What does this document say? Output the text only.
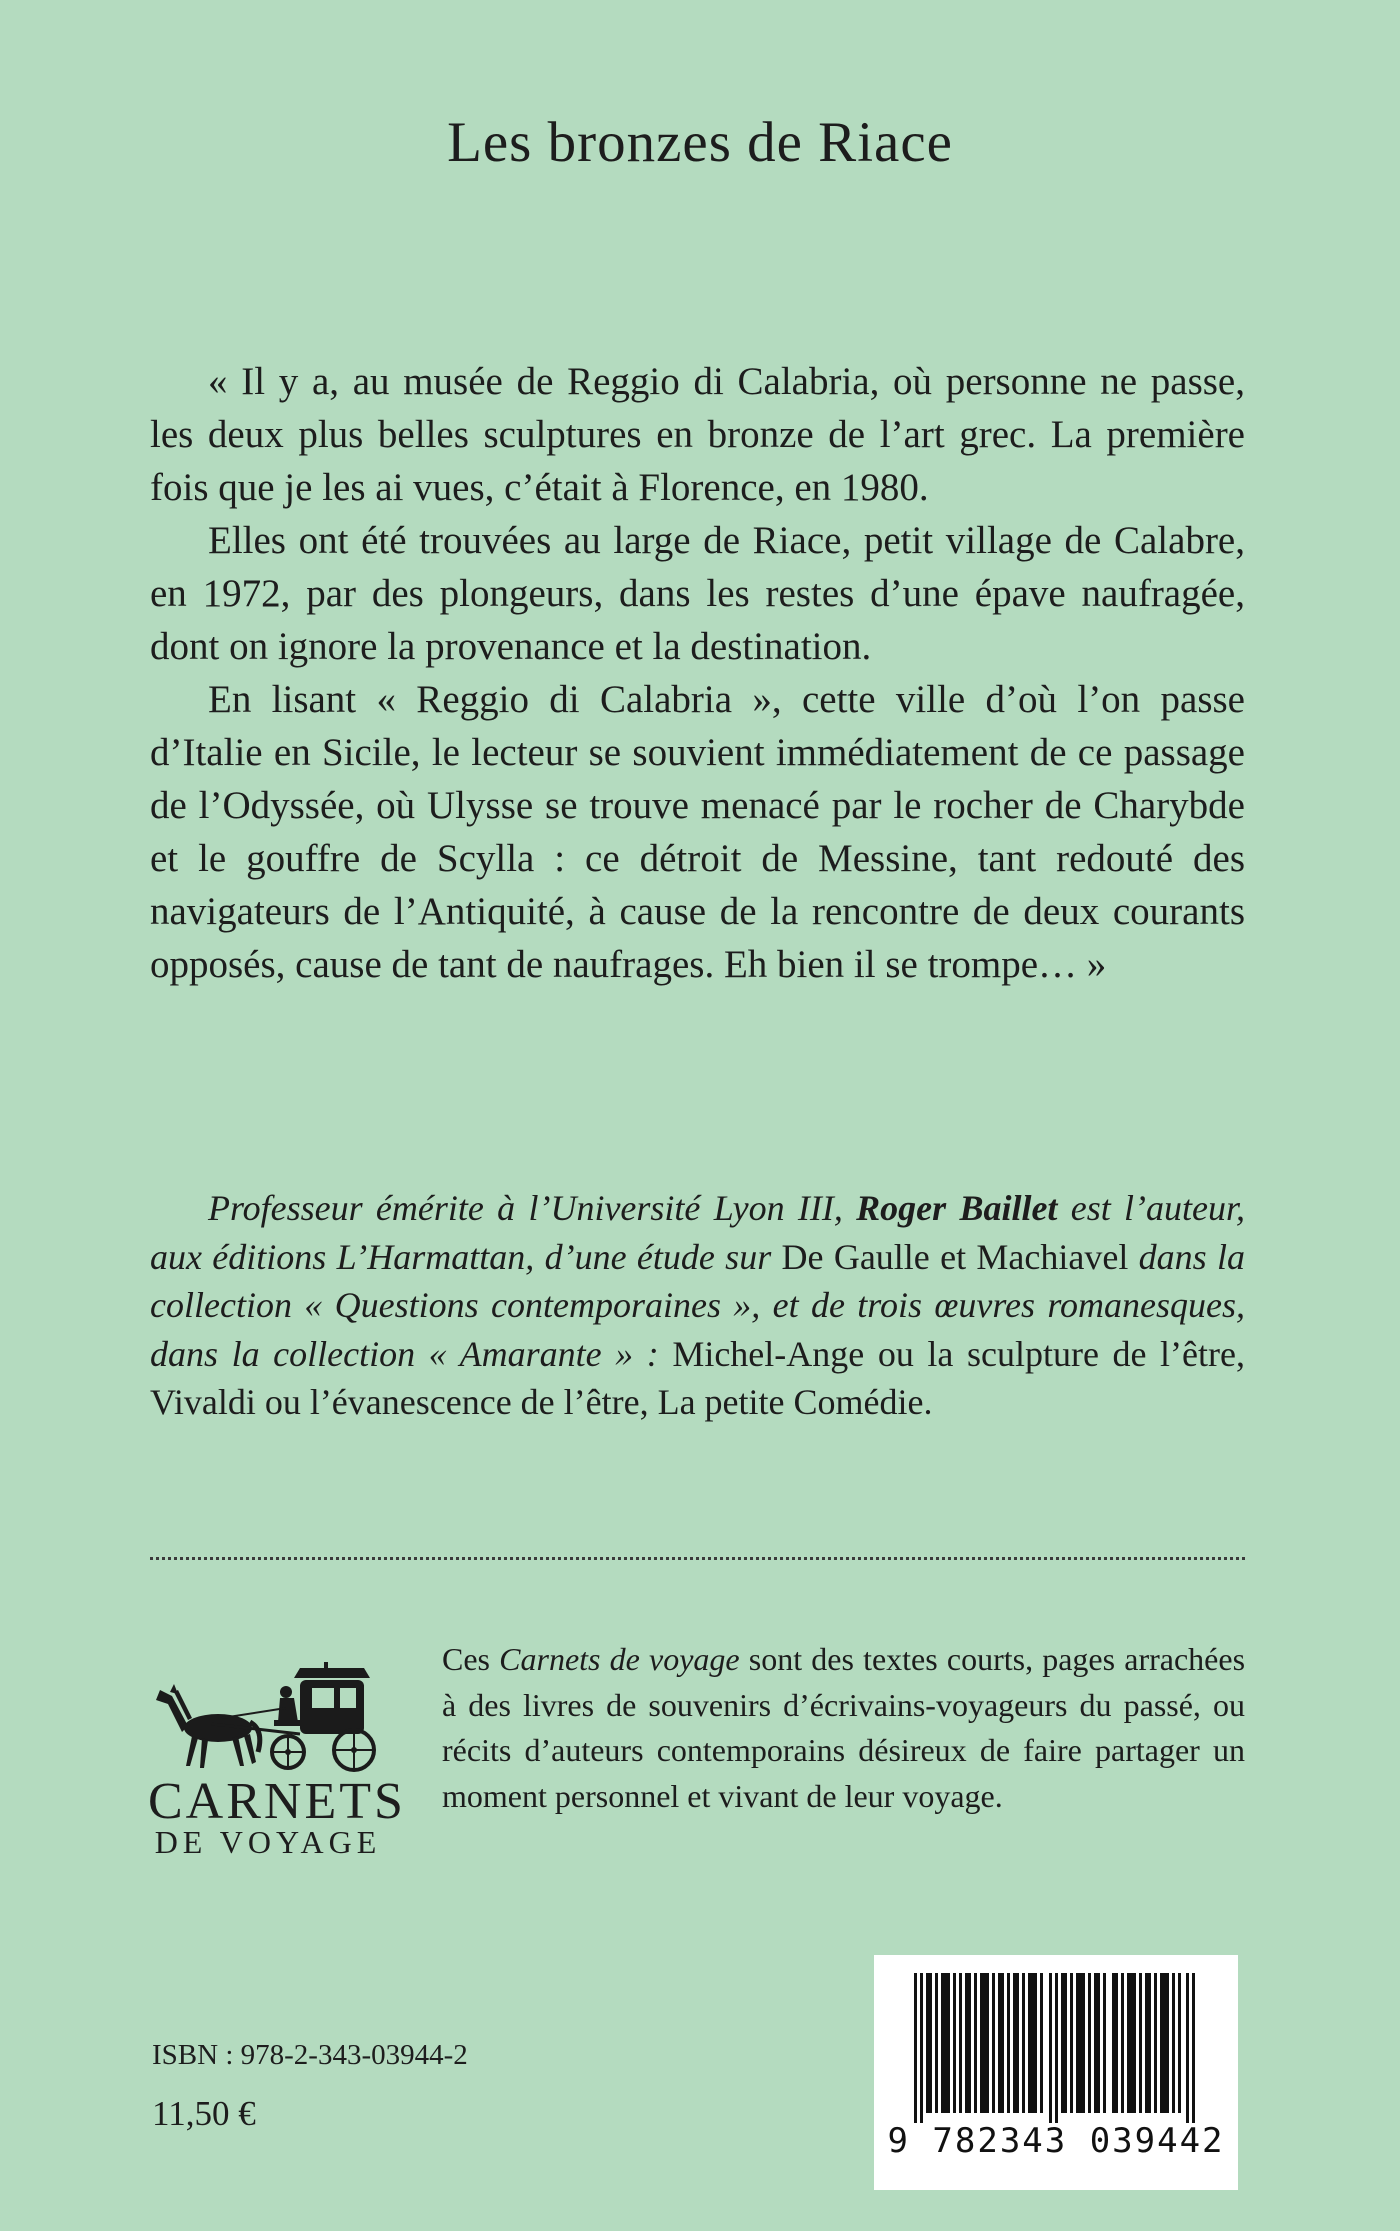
Les bronzes de Riace

« Il y a, au musée de Reggio di Calabria, où personne ne passe, les deux plus belles sculptures en bronze de l’art grec. La première fois que je les ai vues, c’était à Florence, en 1980.

Elles ont été trouvées au large de Riace, petit village de Calabre, en 1972, par des plongeurs, dans les restes d’une épave naufragée, dont on ignore la provenance et la destination.

En lisant « Reggio di Calabria », cette ville d’où l’on passe d’Italie en Sicile, le lecteur se souvient immédiatement de ce passage de l’Odyssée, où Ulysse se trouve menacé par le rocher de Charybde et le gouffre de Scylla : ce détroit de Messine, tant redouté des navigateurs de l’Antiquité, à cause de la rencontre de deux courants opposés, cause de tant de naufrages. Eh bien il se trompe… »

Professeur émérite à l’Université Lyon III, Roger Baillet est l’auteur, aux éditions L’Harmattan, d’une étude sur De Gaulle et Machiavel dans la collection « Questions contemporaines », et de trois œuvres romanesques, dans la collection « Amarante » : Michel-Ange ou la sculpture de l’être, Vivaldi ou l’évanescence de l’être, La petite Comédie.

CARNETS
DE VOYAGE

Ces Carnets de voyage sont des textes courts, pages arrachées à des livres de souvenirs d’écrivains-voyageurs du passé, ou récits d’auteurs contemporains désireux de faire partager un moment personnel et vivant de leur voyage.

ISBN : 978-2-343-03944-2

11,50 €

9 782343 039442
